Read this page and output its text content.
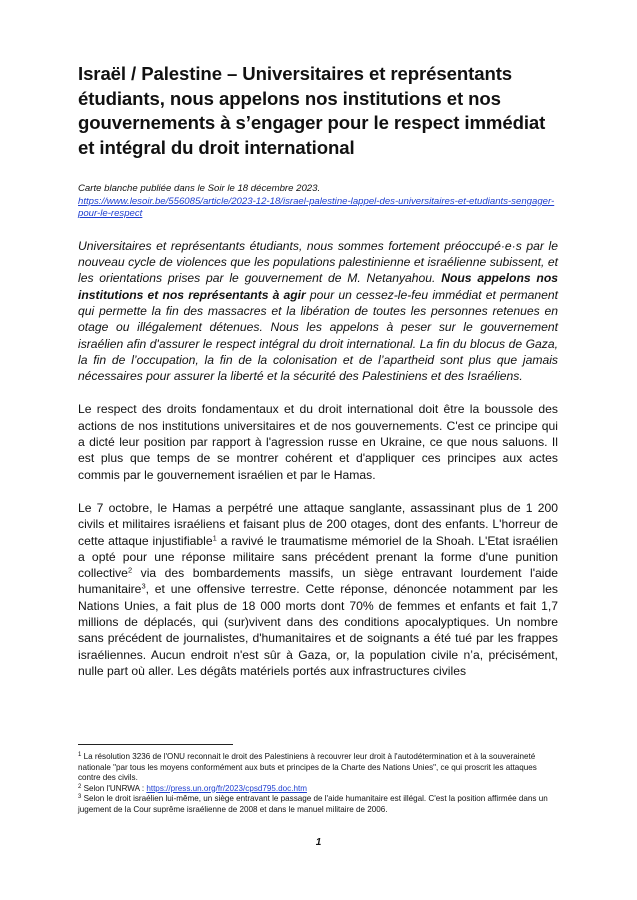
Israël / Palestine – Universitaires et représentants étudiants, nous appelons nos institutions et nos gouvernements à s’engager pour le respect immédiat et intégral du droit international
Carte blanche publiée dans le Soir le 18 décembre 2023.
https://www.lesoir.be/556085/article/2023-12-18/israel-palestine-lappel-des-universitaires-et-etudiants-sengager-pour-le-respect

Universitaires et représentants étudiants, nous sommes fortement préoccupé·e·s par le nouveau cycle de violences que les populations palestinienne et israélienne subissent, et les orientations prises par le gouvernement de M. Netanyahou. Nous appelons nos institutions et nos représentants à agir pour un cessez-le-feu immédiat et permanent qui permette la fin des massacres et la libération de toutes les personnes retenues en otage ou illégalement détenues. Nous les appelons à peser sur le gouvernement israélien afin d'assurer le respect intégral du droit international. La fin du blocus de Gaza, la fin de l’occupation, la fin de la colonisation et de l’apartheid sont plus que jamais nécessaires pour assurer la liberté et la sécurité des Palestiniens et des Israéliens.

Le respect des droits fondamentaux et du droit international doit être la boussole des actions de nos institutions universitaires et de nos gouvernements. C'est ce principe qui a dicté leur position par rapport à l'agression russe en Ukraine, ce que nous saluons. Il est plus que temps de se montrer cohérent et d'appliquer ces principes aux actes commis par le gouvernement israélien et par le Hamas.

Le 7 octobre, le Hamas a perpétré une attaque sanglante, assassinant plus de 1 200 civils et militaires israéliens et faisant plus de 200 otages, dont des enfants. L'horreur de cette attaque injustifiable$^1$ a ravivé le traumatisme mémoriel de la Shoah. L'Etat israélien a opté pour une réponse militaire sans précédent prenant la forme d'une punition collective$^2$ via des bombardements massifs, un siège entravant lourdement l'aide humanitaire$^3$, et une offensive terrestre. Cette réponse, dénoncée notamment par les Nations Unies, a fait plus de 18 000 morts dont 70% de femmes et enfants et fait 1,7 millions de déplacés, qui (sur)vivent dans des conditions apocalyptiques. Un nombre sans précédent de journalistes, d'humanitaires et de soignants a été tué par les frappes israéliennes. Aucun endroit n'est sûr à Gaza, or, la population civile n’a, précisément, nulle part où aller. Les dégâts matériels portés aux infrastructures civiles

$^1$ La résolution 3236 de l'ONU reconnait le droit des Palestiniens à recouvrer leur droit à l'autodétermination et à la souveraineté nationale "par tous les moyens conformément aux buts et principes de la Charte des Nations Unies", ce qui proscrit les attaques contre des civils.
$^2$ Selon l'UNRWA : https://press.un.org/fr/2023/cpsd795.doc.htm
$^3$ Selon le droit israélien lui-même, un siège entravant le passage de l'aide humanitaire est illégal. C'est la position affirmée dans un jugement de la Cour suprême israélienne de 2008 et dans le manuel militaire de 2006.
1
